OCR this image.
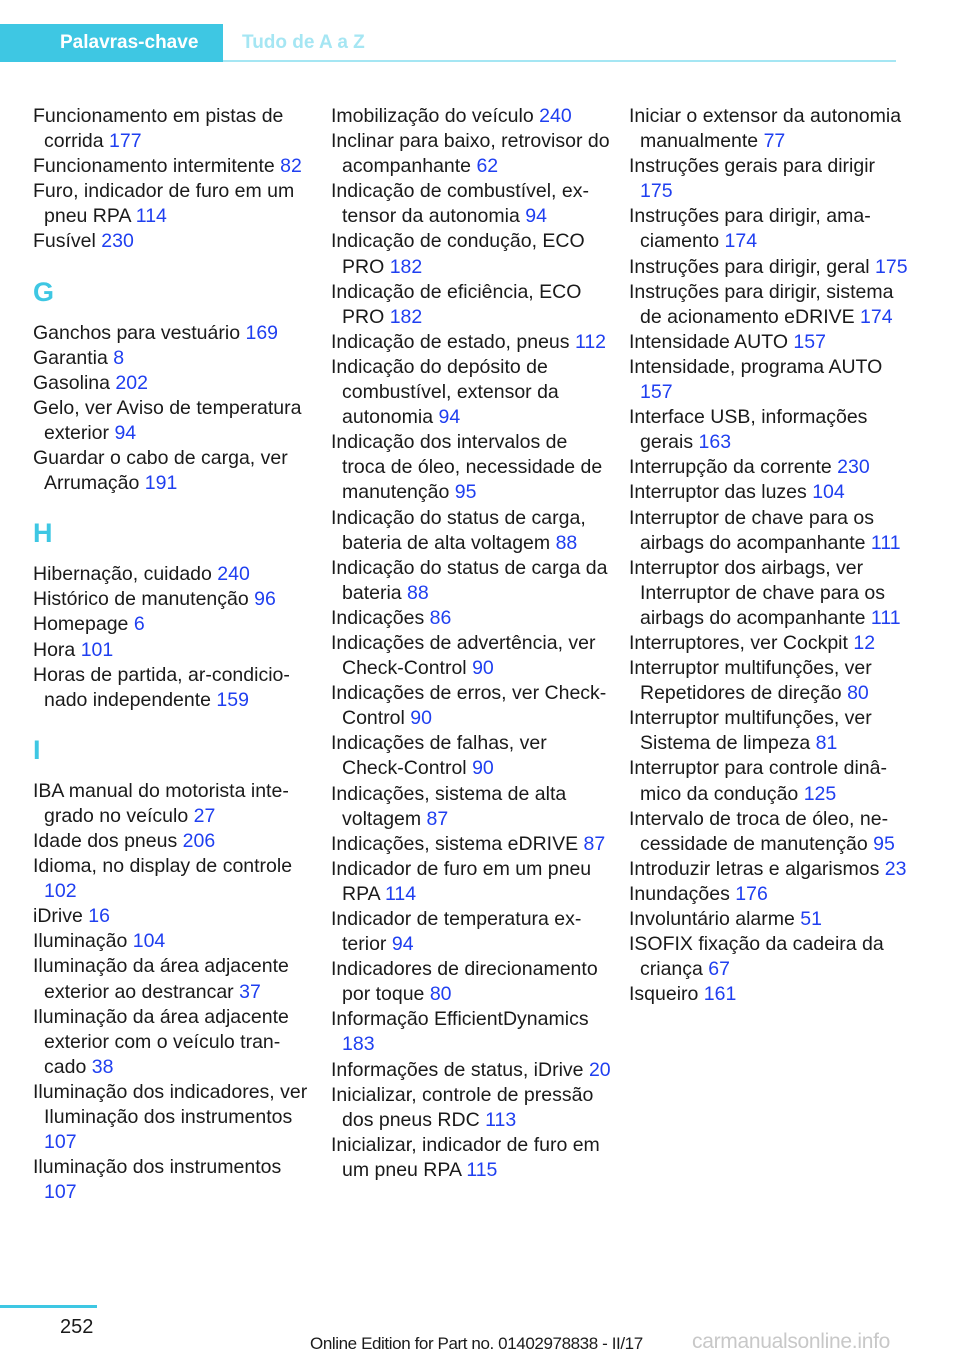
Palavras-chave	Tudo de A a Z

Funcionamento em pistas de corrida 177

Funcionamento intermitente 82

Furo, indicador de furo em um pneu RPA 114

Fusível 230

G

Ganchos para vestuário 169

Garantia 8

Gasolina 202

Gelo, ver Aviso de temperatura exterior 94

Guardar o cabo de carga, ver Arrumação 191

H

Hibernação, cuidado 240

Histórico de manutenção 96

Homepage 6

Hora 101

Horas de partida, ar-condicionado independente 159

I

IBA manual do motorista integrado no veículo 27

Idade dos pneus 206

Idioma, no display de controle 102

iDrive 16

Iluminação 104

Iluminação da área adjacente exterior ao destrancar 37

Iluminação da área adjacente exterior com o veículo trancado 38

Iluminação dos indicadores, ver Iluminação dos instrumentos 107

Iluminação dos instrumentos 107

Imobilização do veículo 240

Inclinar para baixo, retrovisor do acompanhante 62

Indicação de combustível, extensor da autonomia 94

Indicação de condução, ECO PRO 182

Indicação de eficiência, ECO PRO 182

Indicação de estado, pneus 112

Indicação do depósito de combustível, extensor da autonomia 94

Indicação dos intervalos de troca de óleo, necessidade de manutenção 95

Indicação do status de carga, bateria de alta voltagem 88

Indicação do status de carga da bateria 88

Indicações 86

Indicações de advertência, ver Check-Control 90

Indicações de erros, ver Check-Control 90

Indicações de falhas, ver Check-Control 90

Indicações, sistema de alta voltagem 87

Indicações, sistema eDRIVE 87

Indicador de furo em um pneu RPA 114

Indicador de temperatura exterior 94

Indicadores de direcionamento por toque 80

Informação EfficientDynamics 183

Informações de status, iDrive 20

Inicializar, controle de pressão dos pneus RDC 113

Inicializar, indicador de furo em um pneu RPA 115

Iniciar o extensor da autonomia manualmente 77

Instruções gerais para dirigir 175

Instruções para dirigir, amaciamento 174

Instruções para dirigir, geral 175

Instruções para dirigir, sistema de acionamento eDRIVE 174

Intensidade AUTO 157

Intensidade, programa AUTO 157

Interface USB, informações gerais 163

Interrupção da corrente 230

Interruptor das luzes 104

Interruptor de chave para os airbags do acompanhante 111

Interruptor dos airbags, ver Interruptor de chave para os airbags do acompanhante 111

Interruptores, ver Cockpit 12

Interruptor multifunções, ver Repetidores de direção 80

Interruptor multifunções, ver Sistema de limpeza 81

Interruptor para controle dinâmico da condução 125

Intervalo de troca de óleo, necessidade de manutenção 95

Introduzir letras e algarismos 23

Inundações 176

Involuntário alarme 51

ISOFIX fixação da cadeira da criança 67

Isqueiro 161

252
Online Edition for Part no. 01402978838 - II/17 carmanualsonline.info
